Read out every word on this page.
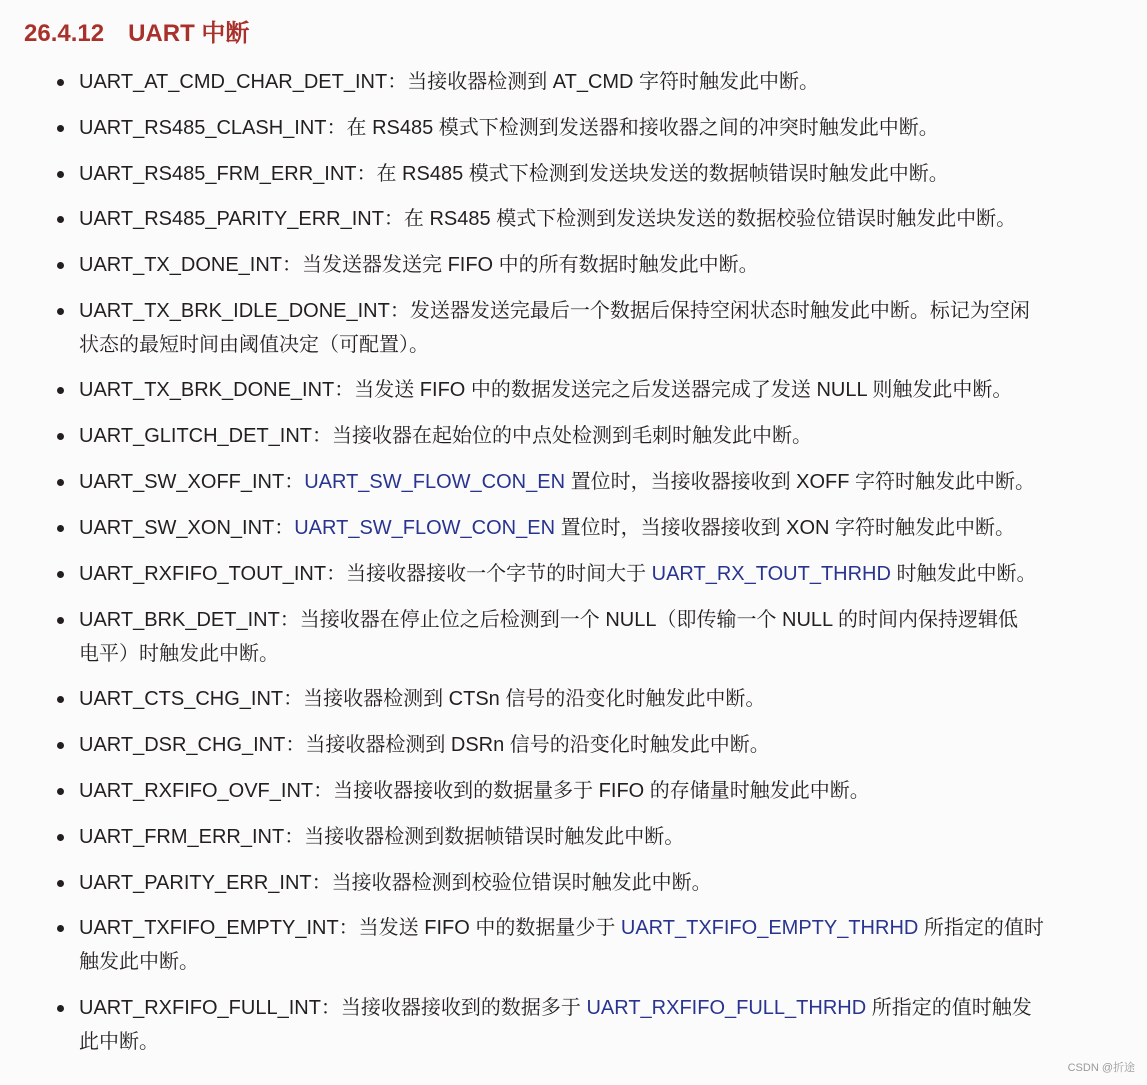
26.4.12 UART 中断
UART_AT_CMD_CHAR_DET_INT：当接收器检测到 AT_CMD 字符时触发此中断。
UART_RS485_CLASH_INT：在 RS485 模式下检测到发送器和接收器之间的冲突时触发此中断。
UART_RS485_FRM_ERR_INT：在 RS485 模式下检测到发送块发送的数据帧错误时触发此中断。
UART_RS485_PARITY_ERR_INT：在 RS485 模式下检测到发送块发送的数据校验位错误时触发此中断。
UART_TX_DONE_INT：当发送器发送完 FIFO 中的所有数据时触发此中断。
UART_TX_BRK_IDLE_DONE_INT：发送器发送完最后一个数据后保持空闲状态时触发此中断。标记为空闲
状态的最短时间由阈值决定（可配置）。
UART_TX_BRK_DONE_INT：当发送 FIFO 中的数据发送完之后发送器完成了发送 NULL 则触发此中断。
UART_GLITCH_DET_INT：当接收器在起始位的中点处检测到毛刺时触发此中断。
UART_SW_XOFF_INT：UART_SW_FLOW_CON_EN 置位时，当接收器接收到 XOFF 字符时触发此中断。
UART_SW_XON_INT：UART_SW_FLOW_CON_EN 置位时，当接收器接收到 XON 字符时触发此中断。
UART_RXFIFO_TOUT_INT：当接收器接收一个字节的时间大于 UART_RX_TOUT_THRHD 时触发此中断。
UART_BRK_DET_INT：当接收器在停止位之后检测到一个 NULL（即传输一个 NULL 的时间内保持逻辑低
电平）时触发此中断。
UART_CTS_CHG_INT：当接收器检测到 CTSn 信号的沿变化时触发此中断。
UART_DSR_CHG_INT：当接收器检测到 DSRn 信号的沿变化时触发此中断。
UART_RXFIFO_OVF_INT：当接收器接收到的数据量多于 FIFO 的存储量时触发此中断。
UART_FRM_ERR_INT：当接收器检测到数据帧错误时触发此中断。
UART_PARITY_ERR_INT：当接收器检测到校验位错误时触发此中断。
UART_TXFIFO_EMPTY_INT：当发送 FIFO 中的数据量少于 UART_TXFIFO_EMPTY_THRHD 所指定的值时
触发此中断。
UART_RXFIFO_FULL_INT：当接收器接收到的数据多于 UART_RXFIFO_FULL_THRHD 所指定的值时触发
此中断。
CSDN @折途
